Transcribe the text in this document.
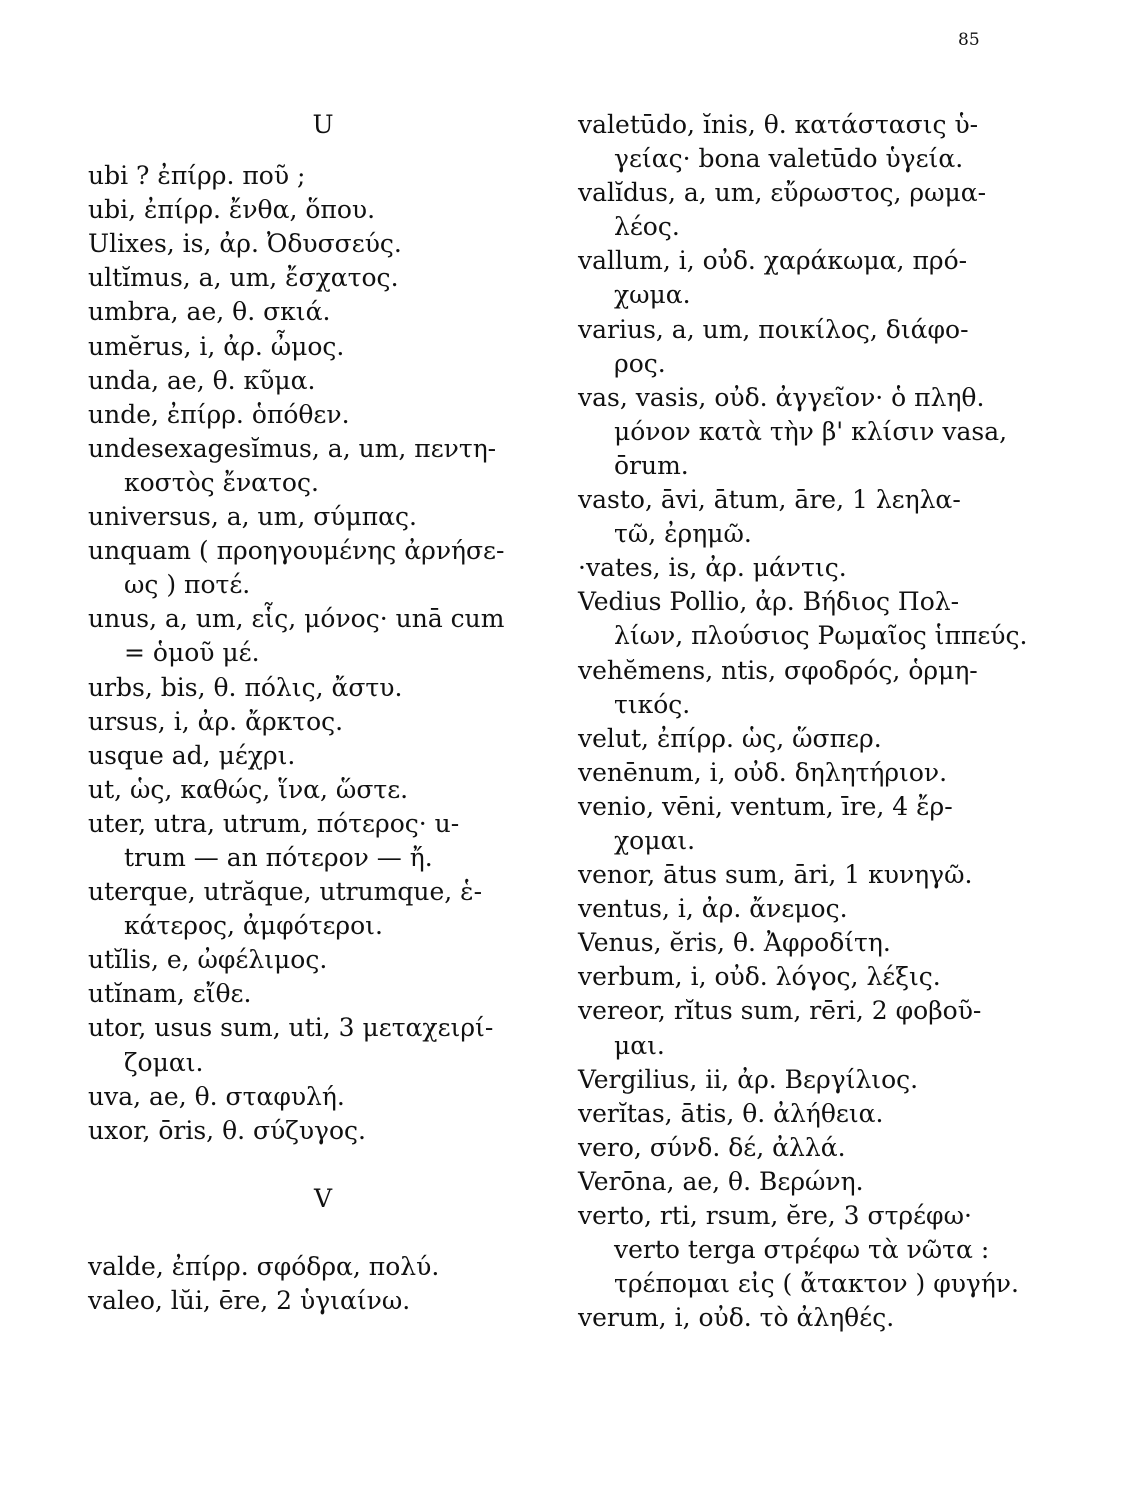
85
U
ubi ? ἐπίρρ. ποῦ ;
ubi, ἐπίρρ. ἔνθα, ὅπου.
Ulixes, is, ἀρ. Ὀδυσσεύς.
ultĭmus, a, um, ἔσχατος.
umbra, ae, θ. σκιά.
umĕrus, i, ἀρ. ὦμος.
unda, ae, θ. κῦμα.
unde, ἐπίρρ. ὁπόθεν.
undesexagesĭmus, a, um, πεντη-
κοστὸς ἔνατος.
universus, a, um, σύμπας.
unquam ( προηγουμένης ἀρνήσε-
ως ) ποτέ.
unus, a, um, εἷς, μόνος· unā cum
= ὁμοῦ μέ.
urbs, bis, θ. πόλις, ἄστυ.
ursus, i, ἀρ. ἄρκτος.
usque ad, μέχρι.
ut, ὡς, καθώς, ἵνα, ὥστε.
uter, utra, utrum, πότερος· u-
trum — an πότερον — ἤ.
uterque, utrăque, utrumque, ἑ-
κάτερος, ἀμφότεροι.
utĭlis, e, ὠφέλιμος.
utĭnam, εἴθε.
utor, usus sum, uti, 3 μεταχειρί-
ζομαι.
uva, ae, θ. σταφυλή.
uxor, ōris, θ. σύζυγος.
V
valde, ἐπίρρ. σφόδρα, πολύ.
valeo, lŭi, ēre, 2 ὑγιαίνω.
valetūdo, ĭnis, θ. κατάστασις ὑ-
γείας· bona valetūdo ὑγεία.
valĭdus, a, um, εὔρωστος, ρωμα-
λέος.
vallum, i, οὐδ. χαράκωμα, πρό-
χωμα.
varius, a, um, ποικίλος, διάφο-
ρος.
vas, vasis, οὐδ. ἀγγεῖον· ὁ πληθ.
μόνον κατὰ τὴν β' κλίσιν vasa,
ōrum.
vasto, āvi, ātum, āre, 1 λεηλα-
τῶ, ἐρημῶ.
·vates, is, ἀρ. μάντις.
Vedius Pollio, ἀρ. Βήδιος Πολ-
λίων, πλούσιος Ρωμαῖος ἱππεύς.
vehĕmens, ntis, σφοδρός, ὁρμη-
τικός.
velut, ἐπίρρ. ὡς, ὥσπερ.
venēnum, i, οὐδ. δηλητήριον.
venio, vēni, ventum, īre, 4 ἔρ-
χομαι.
venor, ātus sum, āri, 1 κυνηγῶ.
ventus, i, ἀρ. ἄνεμος.
Venus, ĕris, θ. Ἀφροδίτη.
verbum, i, οὐδ. λόγος, λέξις.
vereor, rĭtus sum, rēri, 2 φοβοῦ-
μαι.
Vergilius, ii, ἀρ. Βεργίλιος.
verĭtas, ātis, θ. ἀλήθεια.
vero, σύνδ. δέ, ἀλλά.
Verōna, ae, θ. Βερώνη.
verto, rti, rsum, ĕre, 3 στρέφω·
verto terga στρέφω τὰ νῶτα :
τρέπομαι εἰς ( ἄτακτον ) φυγήν.
verum, i, οὐδ. τὸ ἀληθές.
